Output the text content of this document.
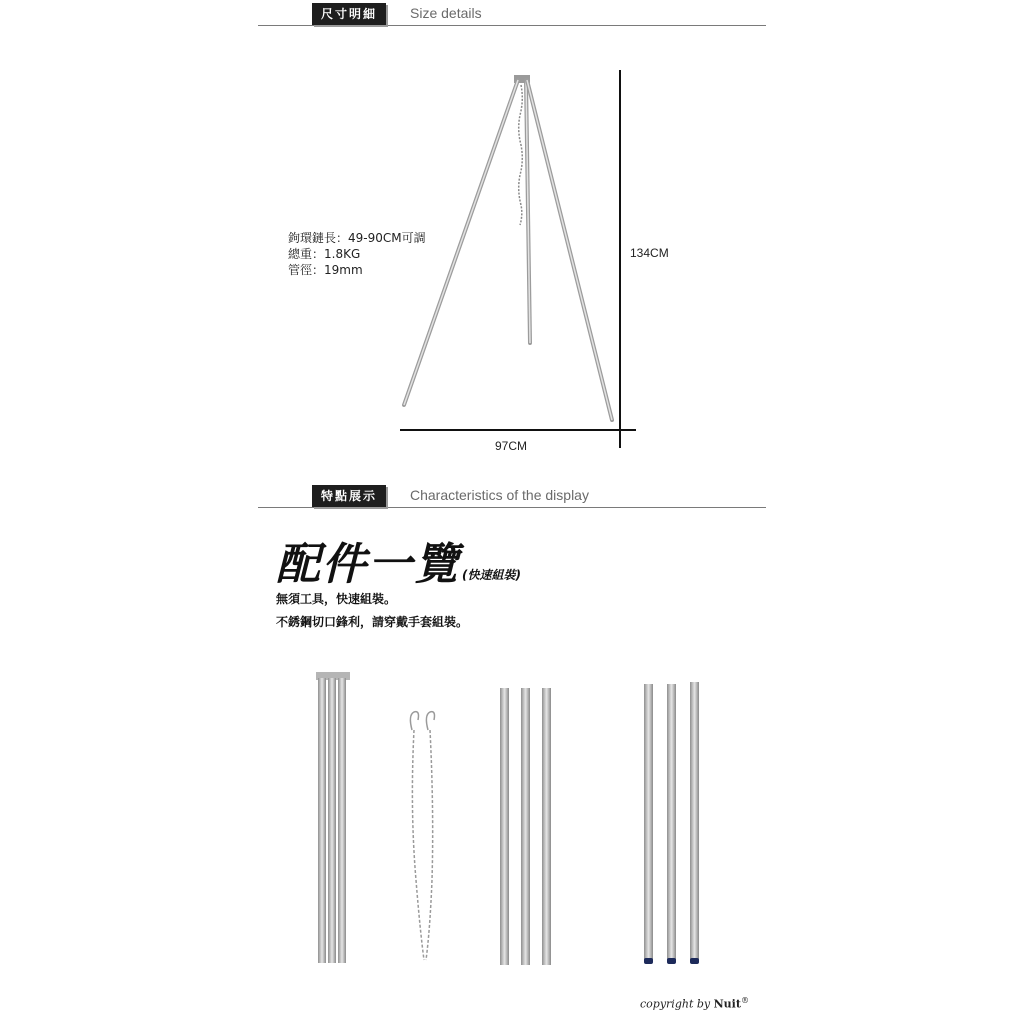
尺寸明細	Size details
134CM
97CM
鉤環鏈長：49-90CM可調
總重：1.8KG
管徑：19mm
特點展示	Characteristics of the display
配件一覽 (快速組裝)
無須工具，快速組裝。
不銹鋼切口鋒利，請穿戴手套組裝。
copyright by Nuit®
